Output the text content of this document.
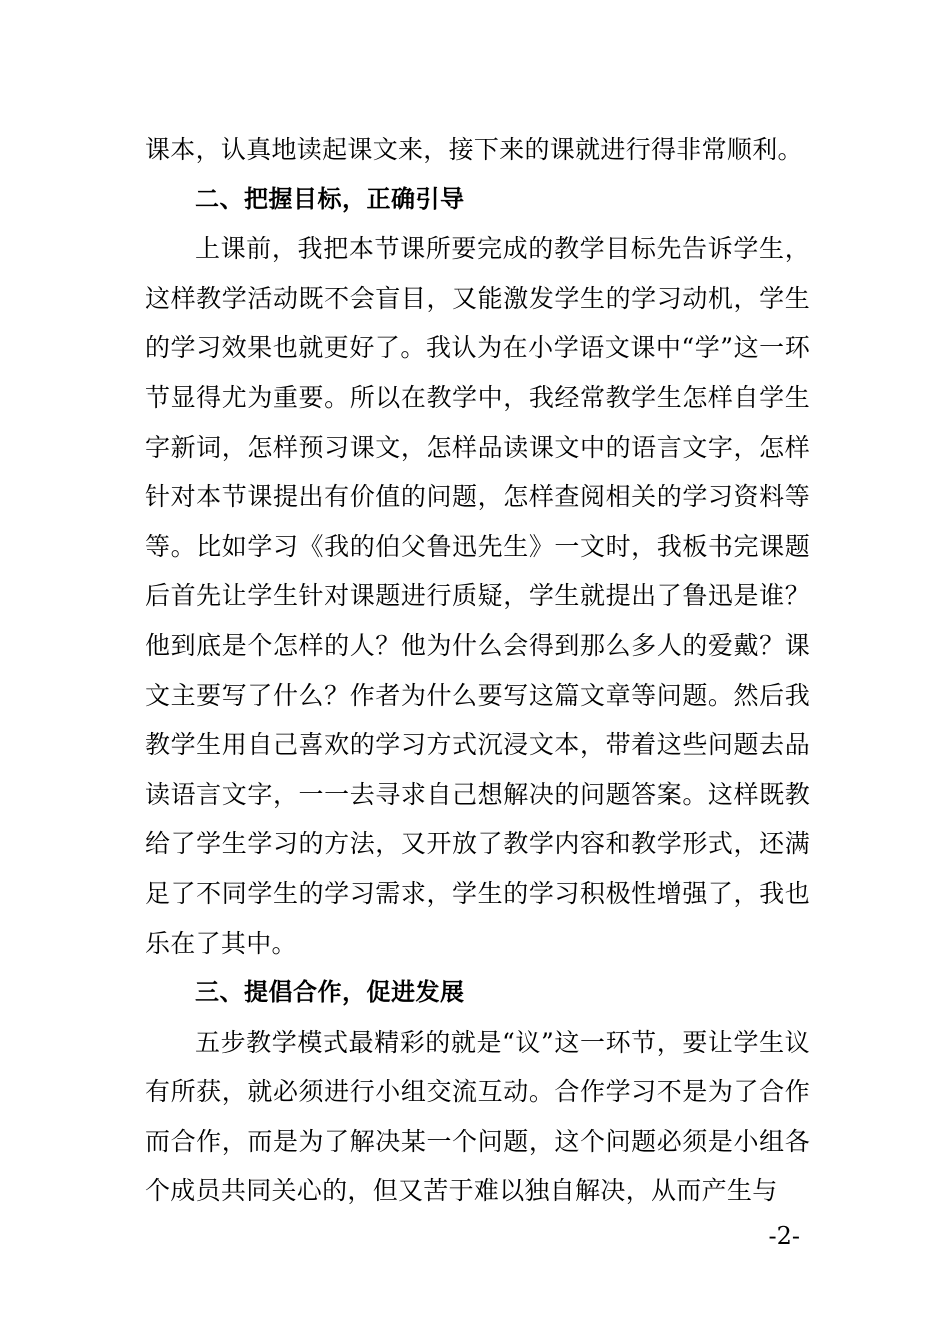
课本，认真地读起课文来，接下来的课就进行得非常顺利。

二、把握目标，正确引导

上课前，我把本节课所要完成的教学目标先告诉学生，这样教学活动既不会盲目，又能激发学生的学习动机，学生的学习效果也就更好了。我认为在小学语文课中“学”这一环节显得尤为重要。所以在教学中，我经常教学生怎样自学生字新词，怎样预习课文，怎样品读课文中的语言文字，怎样针对本节课提出有价值的问题，怎样查阅相关的学习资料等等。比如学习《我的伯父鲁迅先生》一文时，我板书完课题后首先让学生针对课题进行质疑，学生就提出了鲁迅是谁？他到底是个怎样的人？他为什么会得到那么多人的爱戴？课文主要写了什么？作者为什么要写这篇文章等问题。然后我教学生用自己喜欢的学习方式沉浸文本，带着这些问题去品读语言文字，一一去寻求自己想解决的问题答案。这样既教给了学生学习的方法，又开放了教学内容和教学形式，还满足了不同学生的学习需求，学生的学习积极性增强了，我也乐在了其中。

三、提倡合作，促进发展

五步教学模式最精彩的就是“议”这一环节，要让学生议有所获，就必须进行小组交流互动。合作学习不是为了合作而合作，而是为了解决某一个问题，这个问题必须是小组各个成员共同关心的，但又苦于难以独自解决，从而产生与

-2-
